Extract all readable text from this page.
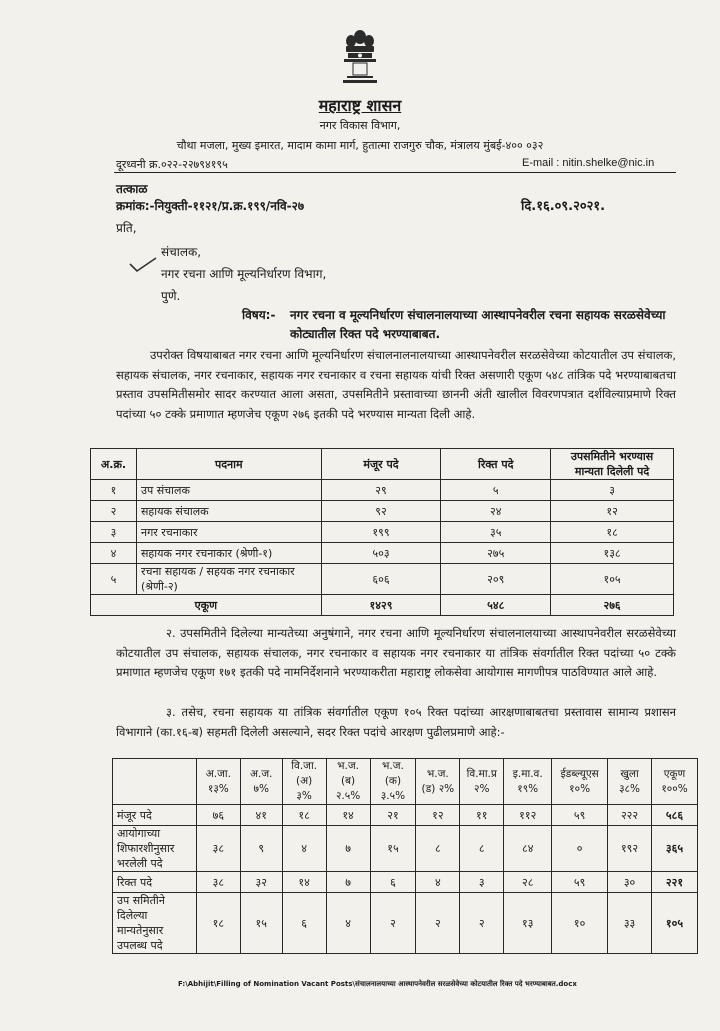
महाराष्ट्र शासन
नगर विकास विभाग,
चौथा मजला, मुख्य इमारत, मादाम कामा मार्ग, हुतात्मा राजगुरु चौक, मंत्रालय मुंबई-४०० ०३२
दूरध्वनी क्र.०२२-२२७९४१९५	E-mail : nitin.shelke@nic.in
तत्काळ
क्रमांक:-नियुक्ती-११२१/प्र.क्र.१९९/नवि-२७	दि.१६.०९.२०२१.
प्रति,
संचालक,
नगर रचना आणि मूल्यनिर्धारण विभाग,
पुणे.
विषय:- नगर रचना व मूल्यनिर्धारण संचालनालयाच्या आस्थापनेवरील रचना सहायक सरळसेवेच्या कोट्यातील रिक्त पदे भरण्याबाबत.
उपरोक्त विषयाबाबत नगर रचना आणि मूल्यनिर्धारण संचालनालनालयाच्या आस्थापनेवरील सरळसेवेच्या कोटयातील उप संचालक, सहायक संचालक, नगर रचनाकार, सहायक नगर रचनाकार व रचना सहायक यांची रिक्त असणारी एकूण ५४८ तांत्रिक पदे भरण्याबाबतचा प्रस्ताव उपसमितीसमोर सादर करण्यात आला असता, उपसमितीने प्रस्तावाच्या छाननी अंती खालील विवरणपत्रात दर्शविल्याप्रमाणे रिक्त पदांच्या ५० टक्के प्रमाणात म्हणजेच एकूण २७६ इतकी पदे भरण्यास मान्यता दिली आहे.
अ.क्र.	पदनाम	मंजूर पदे	रिक्त पदे	उपसमितीने भरण्यास मान्यता दिलेली पदे
१	उप संचालक	२९	५	३
२	सहायक संचालक	९२	२४	१२
३	नगर रचनाकार	१९९	३५	१८
४	सहायक नगर रचनाकार (श्रेणी-१)	५०३	२७५	१३८
५	रचना सहायक / सहयक नगर रचनाकार (श्रेणी-२)	६०६	२०९	१०५
एकूण		१४२९	५४८	२७६
२. उपसमितीने दिलेल्या मान्यतेच्या अनुषंगाने, नगर रचना आणि मूल्यनिर्धारण संचालनालयाच्या आस्थापनेवरील सरळसेवेच्या कोटयातील उप संचालक, सहायक संचालक, नगर रचनाकार व सहायक नगर रचनाकार या तांत्रिक संवर्गातील रिक्त पदांच्या ५० टक्के प्रमाणात म्हणजेच एकूण १७१ इतकी पदे नामनिर्देशनाने भरण्याकरीता महाराष्ट्र लोकसेवा आयोगास मागणीपत्र पाठविण्यात आले आहे.
३. तसेच, रचना सहायक या तांत्रिक संवर्गातील एकूण १०५ रिक्त पदांच्या आरक्षणाबाबतचा प्रस्तावास सामान्य प्रशासन विभागाने (का.१६-ब) सहमती दिलेली असल्याने, सदर रिक्त पदांचे आरक्षण पुढीलप्रमाणे आहे:-
	अ.जा. १३%	अ.ज. ७%	वि.जा.(अ) ३%	भ.ज.(ब) २.५%	भ.ज.(क) ३.५%	भ.ज.(ड) २%	वि.मा.प्र २%	इ.मा.व. १९%	ईडब्ल्यूएस १०%	खुला ३८%	एकूण १००%
मंजूर पदे	७६	४१	१८	१४	२१	१२	११	११२	५९	२२२	५८६
आयोगाच्या शिफारशीनुसार भरलेली पदे	३८	९	४	७	१५	८	८	८४	०	१९२	३६५
रिक्त पदे	३८	३२	१४	७	६	४	३	२८	५९	३०	२२१
उप समितीने दिलेल्या मान्यतेनुसार उपलब्ध पदे	१८	१५	६	४	२	२	२	१३	१०	३३	१०५
F:\Abhijit\Filling of Nomination Vacant Posts\संचालनालयाच्या आस्थापनेवरील सरळसेवेच्या कोटयातील रिक्त पदे भरण्याबाबत.docx
